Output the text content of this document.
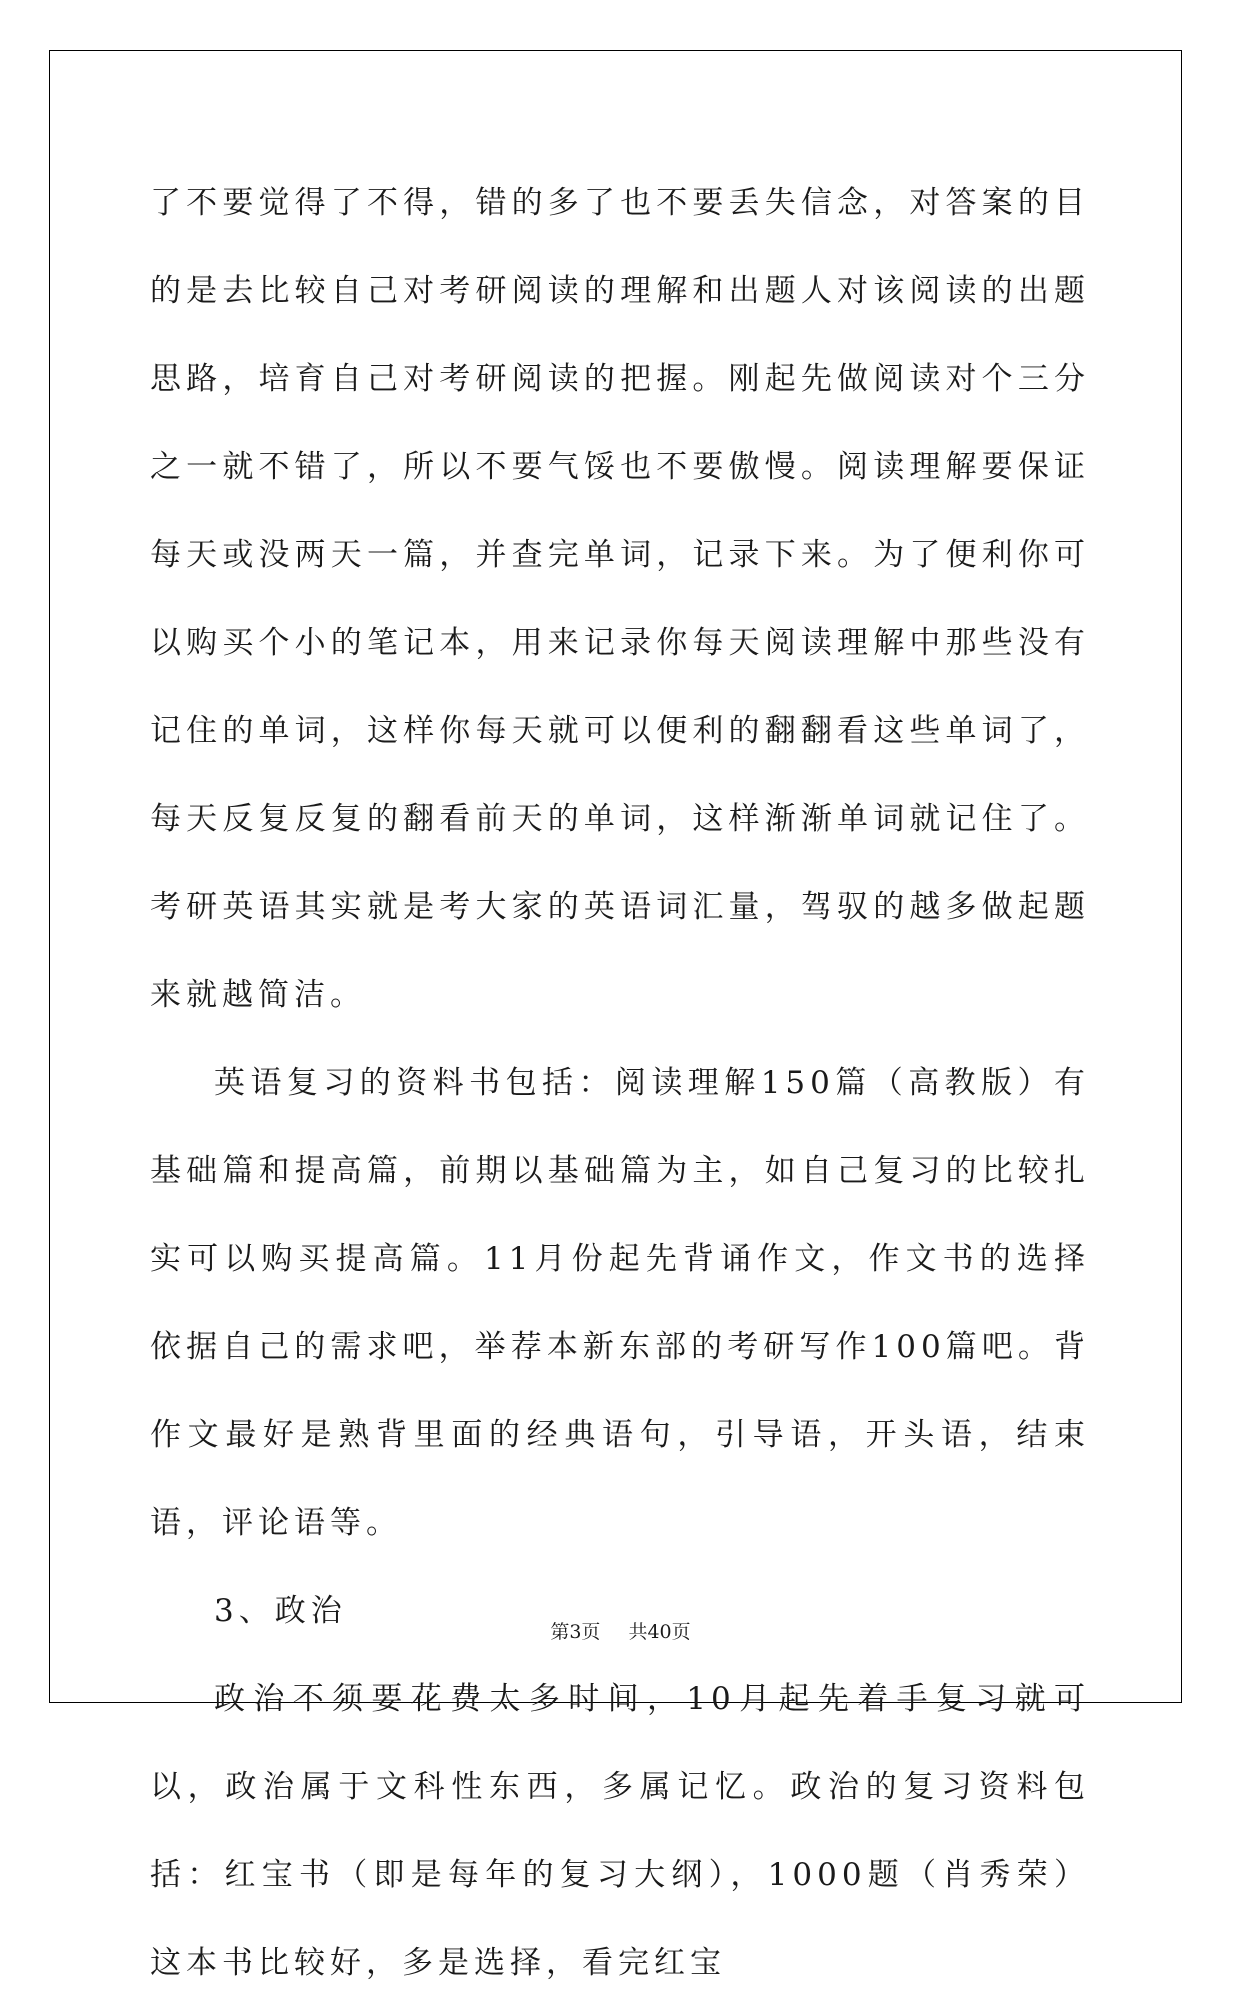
了不要觉得了不得，错的多了也不要丢失信念，对答案的目的是去比较自己对考研阅读的理解和出题人对该阅读的出题思路，培育自己对考研阅读的把握。刚起先做阅读对个三分之一就不错了，所以不要气馁也不要傲慢。阅读理解要保证每天或没两天一篇，并查完单词，记录下来。为了便利你可以购买个小的笔记本，用来记录你每天阅读理解中那些没有记住的单词，这样你每天就可以便利的翻翻看这些单词了，每天反复反复的翻看前天的单词，这样渐渐单词就记住了。考研英语其实就是考大家的英语词汇量，驾驭的越多做起题来就越简洁。

英语复习的资料书包括：阅读理解150篇（高教版）有基础篇和提高篇，前期以基础篇为主，如自己复习的比较扎实可以购买提高篇。11月份起先背诵作文，作文书的选择依据自己的需求吧，举荐本新东部的考研写作100篇吧。背作文最好是熟背里面的经典语句，引导语，开头语，结束语，评论语等。

3、政治

政治不须要花费太多时间，10月起先着手复习就可以，政治属于文科性东西，多属记忆。政治的复习资料包括：红宝书（即是每年的复习大纲），1000题（肖秀荣）这本书比较好，多是选择，看完红宝

第3页 共40页
